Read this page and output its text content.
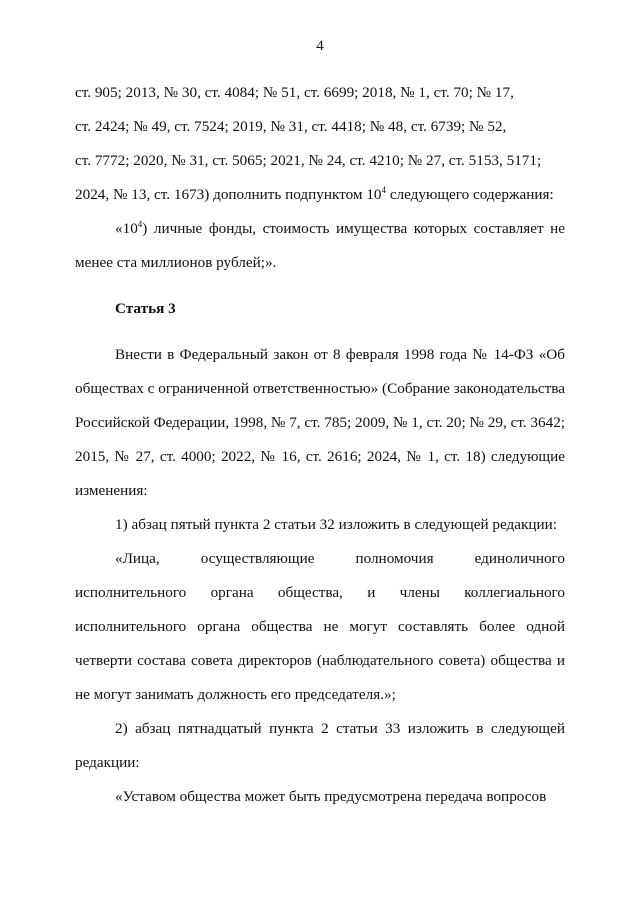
4

ст. 905; 2013, № 30, ст. 4084; № 51, ст. 6699; 2018, № 1, ст. 70; № 17,

ст. 2424; № 49, ст. 7524; 2019, № 31, ст. 4418; № 48, ст. 6739; № 52,

ст. 7772; 2020, № 31, ст. 5065; 2021, № 24, ст. 4210; № 27, ст. 5153, 5171;

2024, № 13, ст. 1673) дополнить подпунктом $10^4$ следующего содержания:

«$10^4$) личные фонды, стоимость имущества которых составляет не менее ста миллионов рублей;».

Статья 3

Внести в Федеральный закон от 8 февраля 1998 года № 14-ФЗ «Об обществах с ограниченной ответственностью» (Собрание законодательства Российской Федерации, 1998, № 7, ст. 785; 2009, № 1, ст. 20; № 29, ст. 3642; 2015, № 27, ст. 4000; 2022, № 16, ст. 2616; 2024, № 1, ст. 18) следующие изменения:

1) абзац пятый пункта 2 статьи 32 изложить в следующей редакции:

«Лица, осуществляющие полномочия единоличного исполнительного органа общества, и члены коллегиального исполнительного органа общества не могут составлять более одной четверти состава совета директоров (наблюдательного совета) общества и не могут занимать должность его председателя.»;

2) абзац пятнадцатый пункта 2 статьи 33 изложить в следующей редакции:

«Уставом общества может быть предусмотрена передача вопросов
